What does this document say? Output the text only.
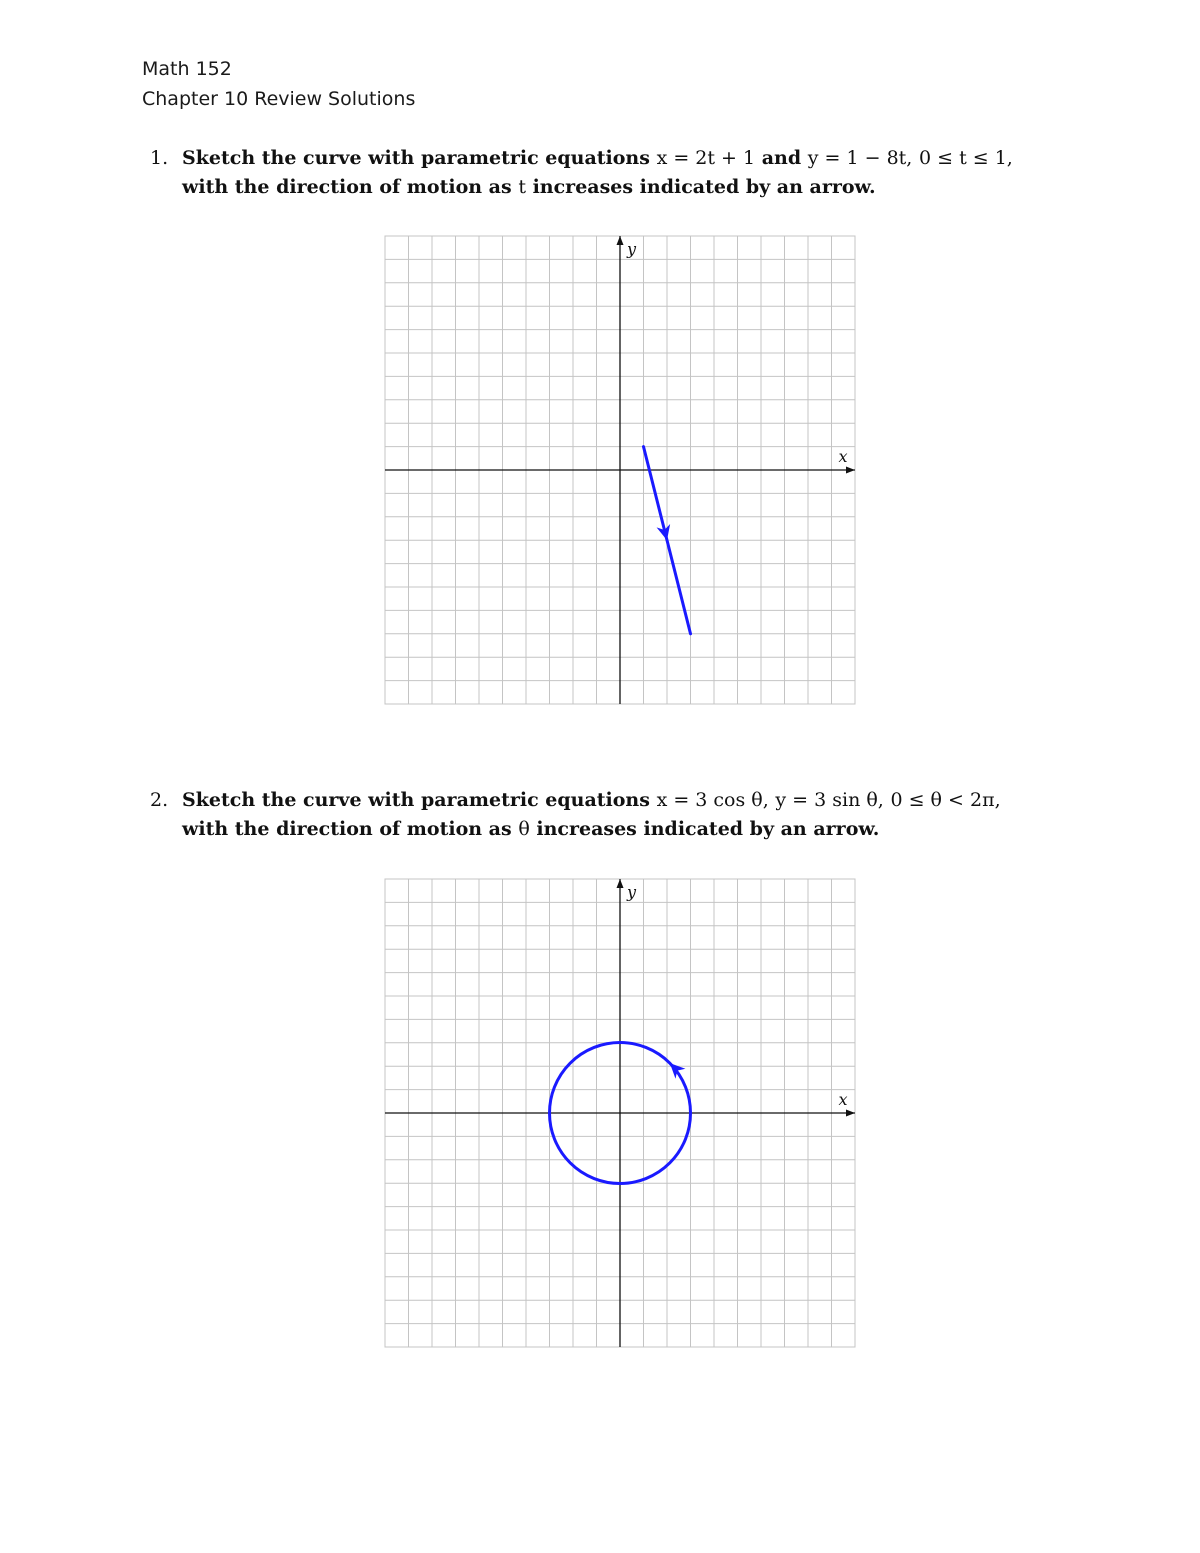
Math 152
Chapter 10 Review Solutions
1. Sketch the curve with parametric equations x = 2t + 1 and y = 1 − 8t, 0 ≤ t ≤ 1,
with the direction of motion as t increases indicated by an arrow.
x
y
2. Sketch the curve with parametric equations x = 3 cos θ, y = 3 sin θ, 0 ≤ θ < 2π,
with the direction of motion as θ increases indicated by an arrow.
x
y
